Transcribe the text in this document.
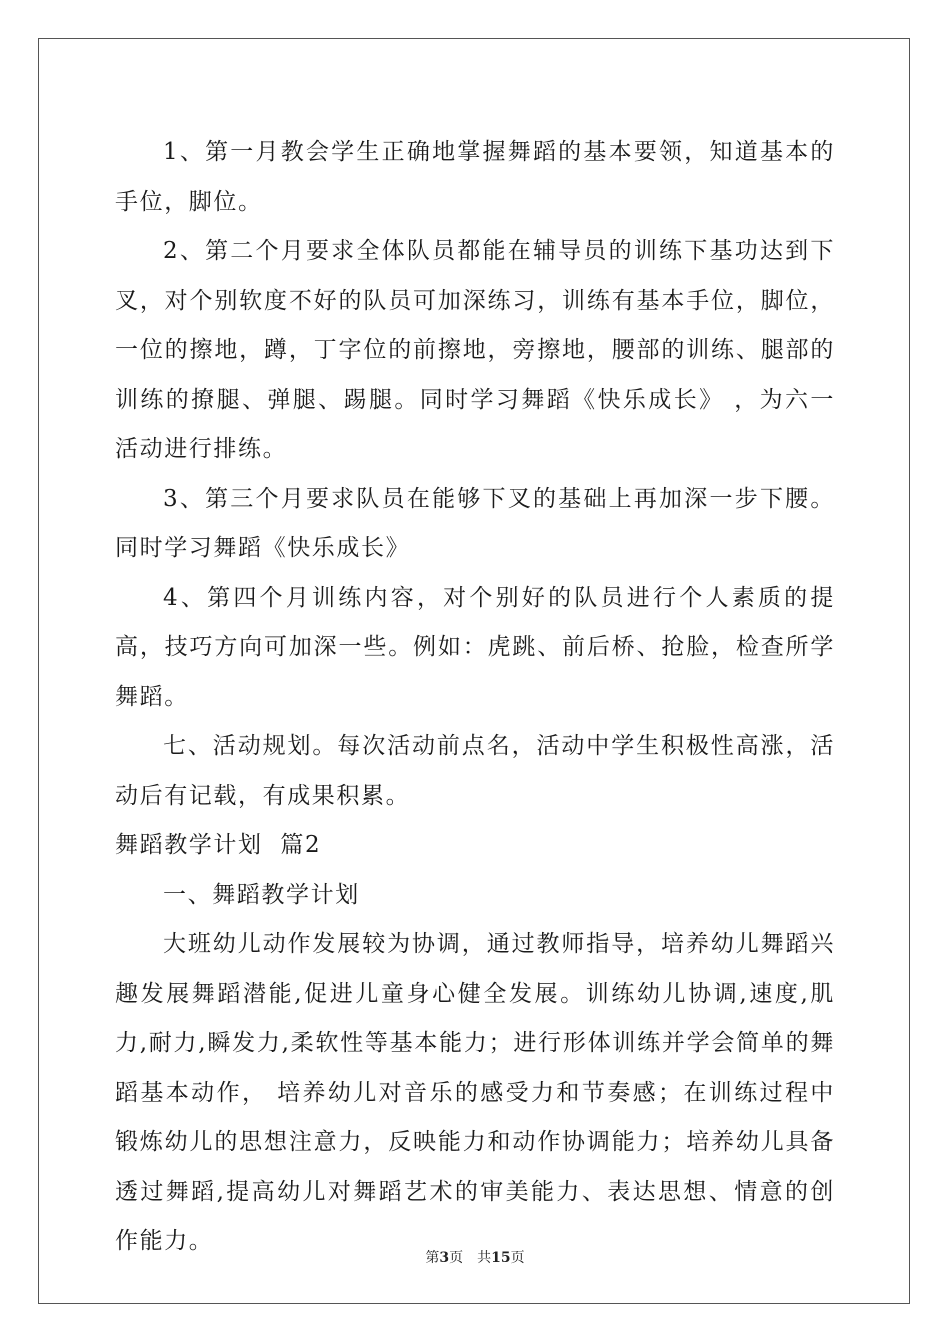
1、第一月教会学生正确地掌握舞蹈的基本要领，知道基本的手位，脚位。

2、第二个月要求全体队员都能在辅导员的训练下基功达到下叉，对个别软度不好的队员可加深练习，训练有基本手位，脚位，一位的擦地，蹲，丁字位的前擦地，旁擦地，腰部的训练、腿部的训练的撩腿、弹腿、踢腿。同时学习舞蹈《快乐成长》 ，为六一活动进行排练。

3、第三个月要求队员在能够下叉的基础上再加深一步下腰。同时学习舞蹈《快乐成长》

4、第四个月训练内容，对个别好的队员进行个人素质的提高，技巧方向可加深一些。例如：虎跳、前后桥、抢脸，检查所学舞蹈。

七、活动规划。每次活动前点名，活动中学生积极性高涨，活动后有记载，有成果积累。

舞蹈教学计划  篇2

一、舞蹈教学计划

大班幼儿动作发展较为协调，通过教师指导，培养幼儿舞蹈兴趣发展舞蹈潜能,促进儿童身心健全发展。训练幼儿协调,速度,肌力,耐力,瞬发力,柔软性等基本能力；进行形体训练并学会简单的舞蹈基本动作， 培养幼儿对音乐的感受力和节奏感；在训练过程中锻炼幼儿的思想注意力，反映能力和动作协调能力；培养幼儿具备透过舞蹈,提高幼儿对舞蹈艺术的审美能力、表达思想、情意的创作能力。

第3页 共15页
